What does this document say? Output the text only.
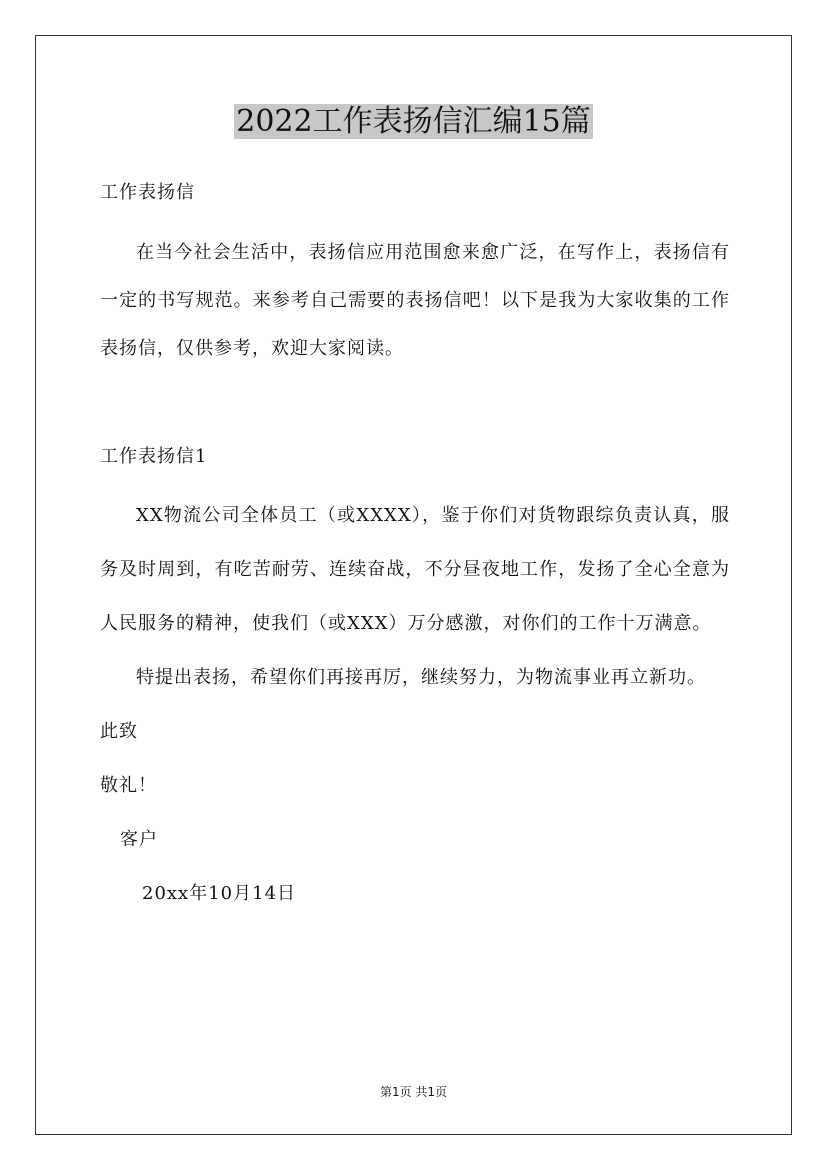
2022工作表扬信汇编15篇
工作表扬信

在当今社会生活中，表扬信应用范围愈来愈广泛，在写作上，表扬信有一定的书写规范。来参考自己需要的表扬信吧！以下是我为大家收集的工作表扬信，仅供参考，欢迎大家阅读。

工作表扬信1

XX物流公司全体员工（或XXXX），鉴于你们对货物跟综负责认真，服务及时周到，有吃苦耐劳、连续奋战，不分昼夜地工作，发扬了全心全意为人民服务的精神，使我们（或XXX）万分感激，对你们的工作十万满意。

特提出表扬，希望你们再接再厉，继续努力，为物流事业再立新功。

此致
敬礼！
客户
20xx年10月14日
第1页 共1页
